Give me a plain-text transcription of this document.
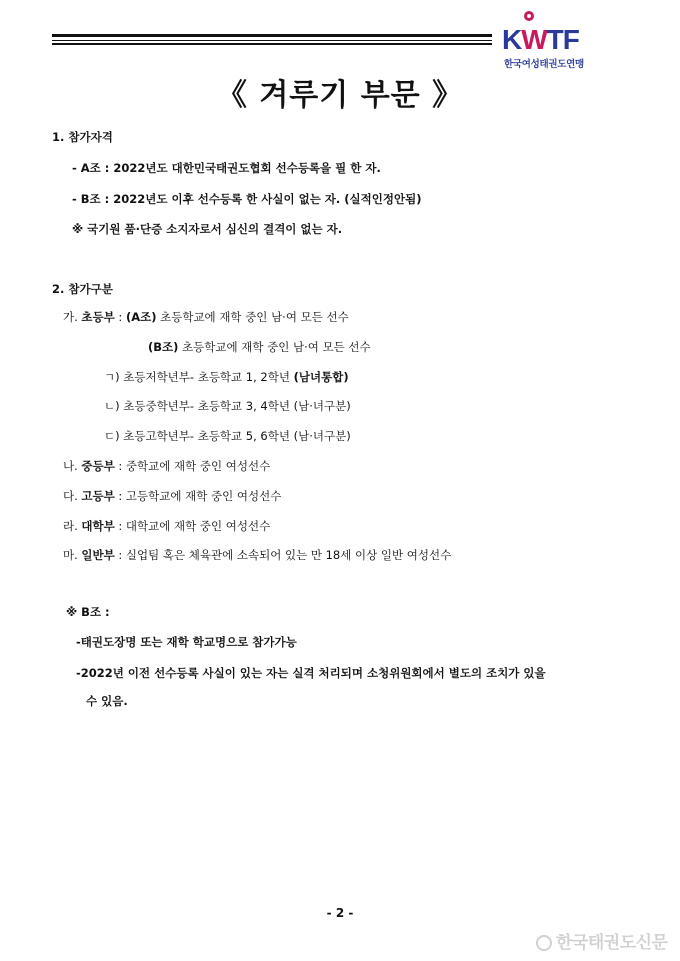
KWTF
한국여성태권도연맹
《 겨루기 부문 》
1. 참가자격
- A조 : 2022년도 대한민국태권도협회 선수등록을 필 한 자.
- B조 : 2022년도 이후 선수등록 한 사실이 없는 자. (실적인정안됨)
※ 국기원 품·단증 소지자로서 심신의 결격이 없는 자.
2. 참가구분
가. 초등부 : (A조) 초등학교에 재학 중인 남·여 모든 선수
(B조) 초등학교에 재학 중인 남·여 모든 선수
ㄱ) 초등저학년부- 초등학교 1, 2학년 (남녀통합)
ㄴ) 초등중학년부- 초등학교 3, 4학년 (남·녀구분)
ㄷ) 초등고학년부- 초등학교 5, 6학년 (남·녀구분)
나. 중등부 : 중학교에 재학 중인 여성선수
다. 고등부 : 고등학교에 재학 중인 여성선수
라. 대학부 : 대학교에 재학 중인 여성선수
마. 일반부 : 실업팀 혹은 체육관에 소속되어 있는 만 18세 이상 일반 여성선수
※ B조 :
-태권도장명 또는 재학 학교명으로 참가가능
-2022년 이전 선수등록 사실이 있는 자는 실격 처리되며 소청위원회에서 별도의 조치가 있을
수 있음.
- 2 -
한국태권도신문
